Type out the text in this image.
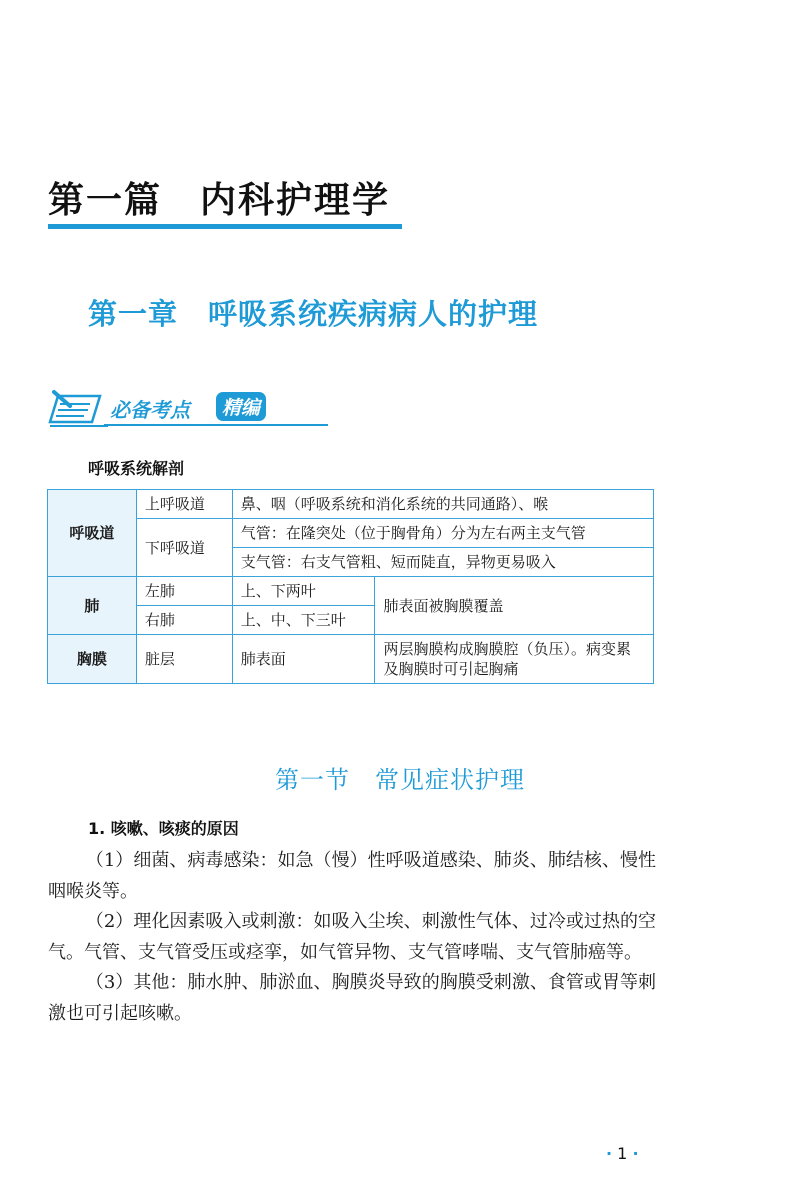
第一篇　内科护理学
第一章　呼吸系统疾病病人的护理
必备考点	精编
呼吸系统解剖
呼吸道	上呼吸道	鼻、咽（呼吸系统和消化系统的共同通路）、喉	
	下呼吸道	气管：在隆突处（位于胸骨角）分为左右两主支气管	
		支气管：右支气管粗、短而陡直，异物更易吸入	
肺	左肺	上、下两叶	肺表面被胸膜覆盖
	右肺	上、中、下三叶	
胸膜	脏层	肺表面	两层胸膜构成胸膜腔（负压）。病变累及胸膜时可引起胸痛
第一节　常见症状护理
1. 咳嗽、咳痰的原因

（1）细菌、病毒感染：如急（慢）性呼吸道感染、肺炎、肺结核、慢性咽喉炎等。

（2）理化因素吸入或刺激：如吸入尘埃、刺激性气体、过冷或过热的空气。气管、支气管受压或痉挛，如气管异物、支气管哮喘、支气管肺癌等。

（3）其他：肺水肿、肺淤血、胸膜炎导致的胸膜受刺激、食管或胃等刺激也可引起咳嗽。

· 1 ·
